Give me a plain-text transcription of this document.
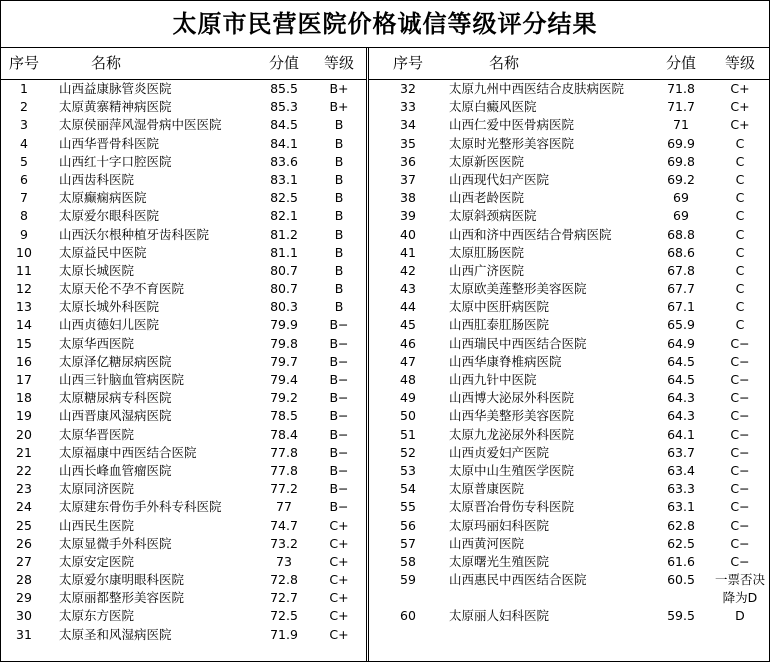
太原市民营医院价格诚信等级评分结果
序号	名称	分值	等级
1	山西益康脉管炎医院	85.5	B+
2	太原黄寨精神病医院	85.3	B+
3	太原侯丽萍风湿骨病中医医院	84.5	B
4	山西华晋骨科医院	84.1	B
5	山西红十字口腔医院	83.6	B
6	山西齿科医院	83.1	B
7	太原癫痫病医院	82.5	B
8	太原爱尔眼科医院	82.1	B
9	山西沃尔根种植牙齿科医院	81.2	B
10	太原益民中医院	81.1	B
11	太原长城医院	80.7	B
12	太原天伦不孕不育医院	80.7	B
13	太原长城外科医院	80.3	B
14	山西贞德妇儿医院	79.9	B−
15	太原华西医院	79.8	B−
16	太原泽亿糖尿病医院	79.7	B−
17	山西三针脑血管病医院	79.4	B−
18	太原糖尿病专科医院	79.2	B−
19	山西晋康风湿病医院	78.5	B−
20	太原华晋医院	78.4	B−
21	太原福康中西医结合医院	77.8	B−
22	山西长峰血管瘤医院	77.8	B−
23	太原同济医院	77.2	B−
24	太原建东骨伤手外科专科医院	77	B−
25	山西民生医院	74.7	C+
26	太原显微手外科医院	73.2	C+
27	太原安定医院	73	C+
28	太原爱尔康明眼科医院	72.8	C+
29	太原丽都整形美容医院	72.7	C+
30	太原东方医院	72.5	C+
31	太原圣和风湿病医院	71.9	C+
序号	名称	分值	等级
32	太原九州中西医结合皮肤病医院	71.8	C+
33	太原白癜风医院	71.7	C+
34	山西仁爱中医骨病医院	71	C+
35	太原时光整形美容医院	69.9	C
36	太原新医医院	69.8	C
37	山西现代妇产医院	69.2	C
38	山西老龄医院	69	C
39	太原斜颈病医院	69	C
40	山西和济中西医结合骨病医院	68.8	C
41	太原肛肠医院	68.6	C
42	山西广济医院	67.8	C
43	太原欧美莲整形美容医院	67.7	C
44	太原中医肝病医院	67.1	C
45	山西肛泰肛肠医院	65.9	C
46	山西瑞民中西医结合医院	64.9	C−
47	山西华康脊椎病医院	64.5	C−
48	山西九针中医院	64.5	C−
49	山西博大泌尿外科医院	64.3	C−
50	山西华美整形美容医院	64.3	C−
51	太原九龙泌尿外科医院	64.1	C−
52	山西贞爱妇产医院	63.7	C−
53	太原中山生殖医学医院	63.4	C−
54	太原普康医院	63.3	C−
55	太原晋冶骨伤专科医院	63.1	C−
56	太原玛丽妇科医院	62.8	C−
57	山西黄河医院	62.5	C−
58	太原曙光生殖医院	61.6	C−
59	山西惠民中西医结合医院	60.5	一票否决降为D
60	太原丽人妇科医院	59.5	D
